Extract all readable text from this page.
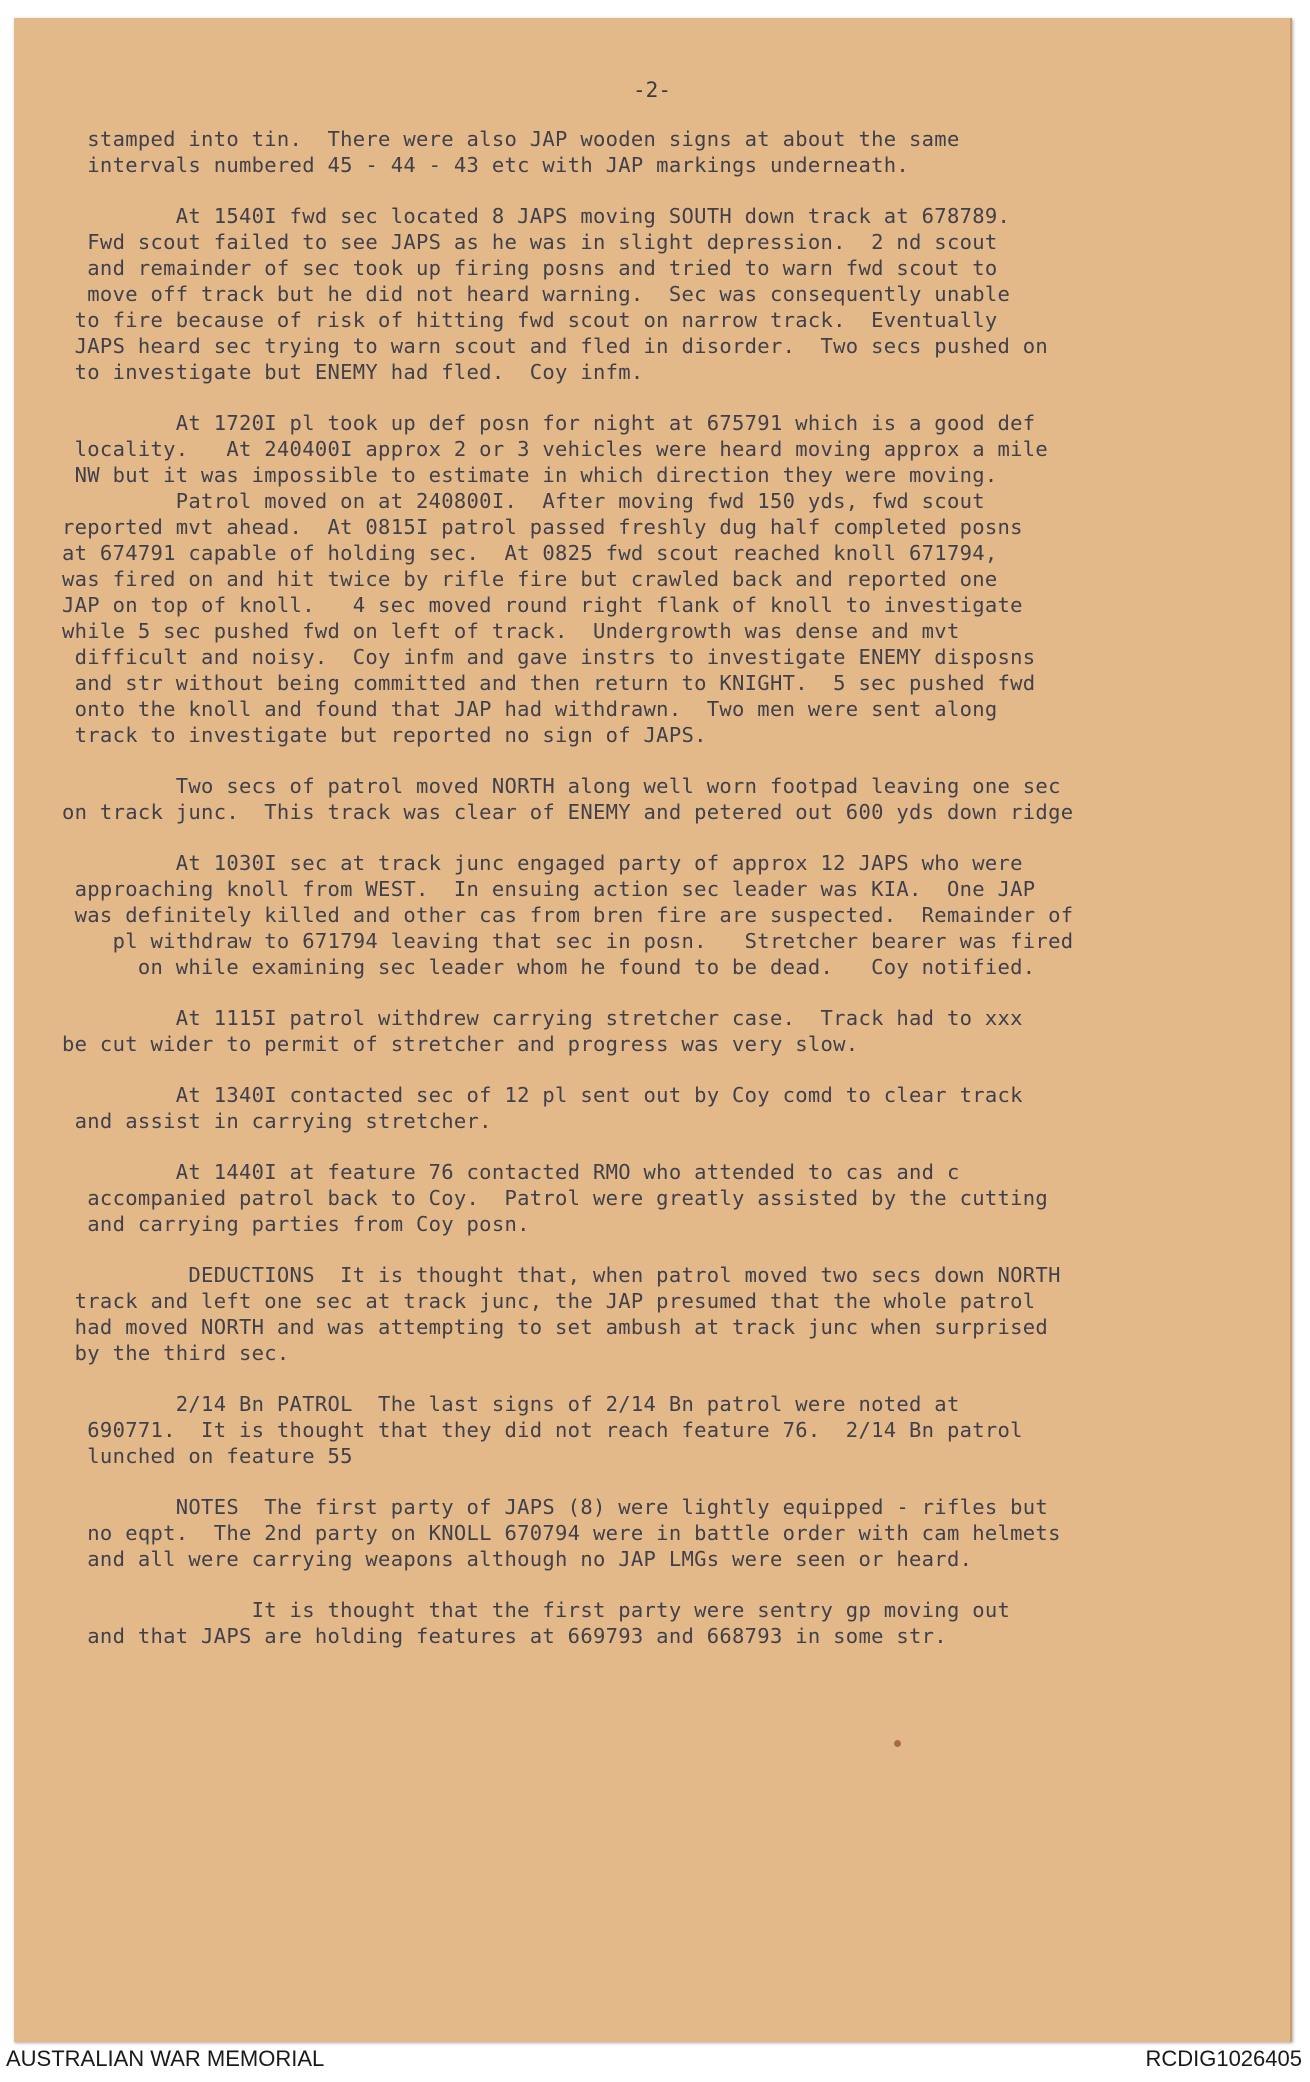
-2-
stamped into tin.  There were also JAP wooden signs at about the same
intervals numbered 45 - 44 - 43 etc with JAP markings underneath.
At 1540I fwd sec located 8 JAPS moving SOUTH down track at 678789.
Fwd scout failed to see JAPS as he was in slight depression.  2 nd scout
and remainder of sec took up firing posns and tried to warn fwd scout to
move off track but he did not heard warning.  Sec was consequently unable
to fire because of risk of hitting fwd scout on narrow track.  Eventually
JAPS heard sec trying to warn scout and fled in disorder.  Two secs pushed on
to investigate but ENEMY had fled.  Coy infm.
At 1720I pl took up def posn for night at 675791 which is a good def
locality.   At 240400I approx 2 or 3 vehicles were heard moving approx a mile
NW but it was impossible to estimate in which direction they were moving.
Patrol moved on at 240800I.  After moving fwd 150 yds, fwd scout
reported mvt ahead.  At 0815I patrol passed freshly dug half completed posns
at 674791 capable of holding sec.  At 0825 fwd scout reached knoll 671794,
was fired on and hit twice by rifle fire but crawled back and reported one
JAP on top of knoll.   4 sec moved round right flank of knoll to investigate
while 5 sec pushed fwd on left of track.  Undergrowth was dense and mvt
difficult and noisy.  Coy infm and gave instrs to investigate ENEMY disposns
and str without being committed and then return to KNIGHT.  5 sec pushed fwd
onto the knoll and found that JAP had withdrawn.  Two men were sent along
track to investigate but reported no sign of JAPS.
Two secs of patrol moved NORTH along well worn footpad leaving one sec
on track junc.  This track was clear of ENEMY and petered out 600 yds down ridge
At 1030I sec at track junc engaged party of approx 12 JAPS who were
approaching knoll from WEST.  In ensuing action sec leader was KIA.  One JAP
was definitely killed and other cas from bren fire are suspected.  Remainder of
pl withdraw to 671794 leaving that sec in posn.   Stretcher bearer was fired
on while examining sec leader whom he found to be dead.   Coy notified.
At 1115I patrol withdrew carrying stretcher case.  Track had to xxx
be cut wider to permit of stretcher and progress was very slow.
At 1340I contacted sec of 12 pl sent out by Coy comd to clear track
and assist in carrying stretcher.
At 1440I at feature 76 contacted RMO who attended to cas and c
accompanied patrol back to Coy.  Patrol were greatly assisted by the cutting
and carrying parties from Coy posn.
DEDUCTIONS  It is thought that, when patrol moved two secs down NORTH
track and left one sec at track junc, the JAP presumed that the whole patrol
had moved NORTH and was attempting to set ambush at track junc when surprised
by the third sec.
2/14 Bn PATROL  The last signs of 2/14 Bn patrol were noted at
690771.  It is thought that they did not reach feature 76.  2/14 Bn patrol
lunched on feature 55
NOTES  The first party of JAPS (8) were lightly equipped - rifles but
no eqpt.  The 2nd party on KNOLL 670794 were in battle order with cam helmets
and all were carrying weapons although no JAP LMGs were seen or heard.
It is thought that the first party were sentry gp moving out
and that JAPS are holding features at 669793 and 668793 in some str.
AUSTRALIAN WAR MEMORIAL	RCDIG1026405
